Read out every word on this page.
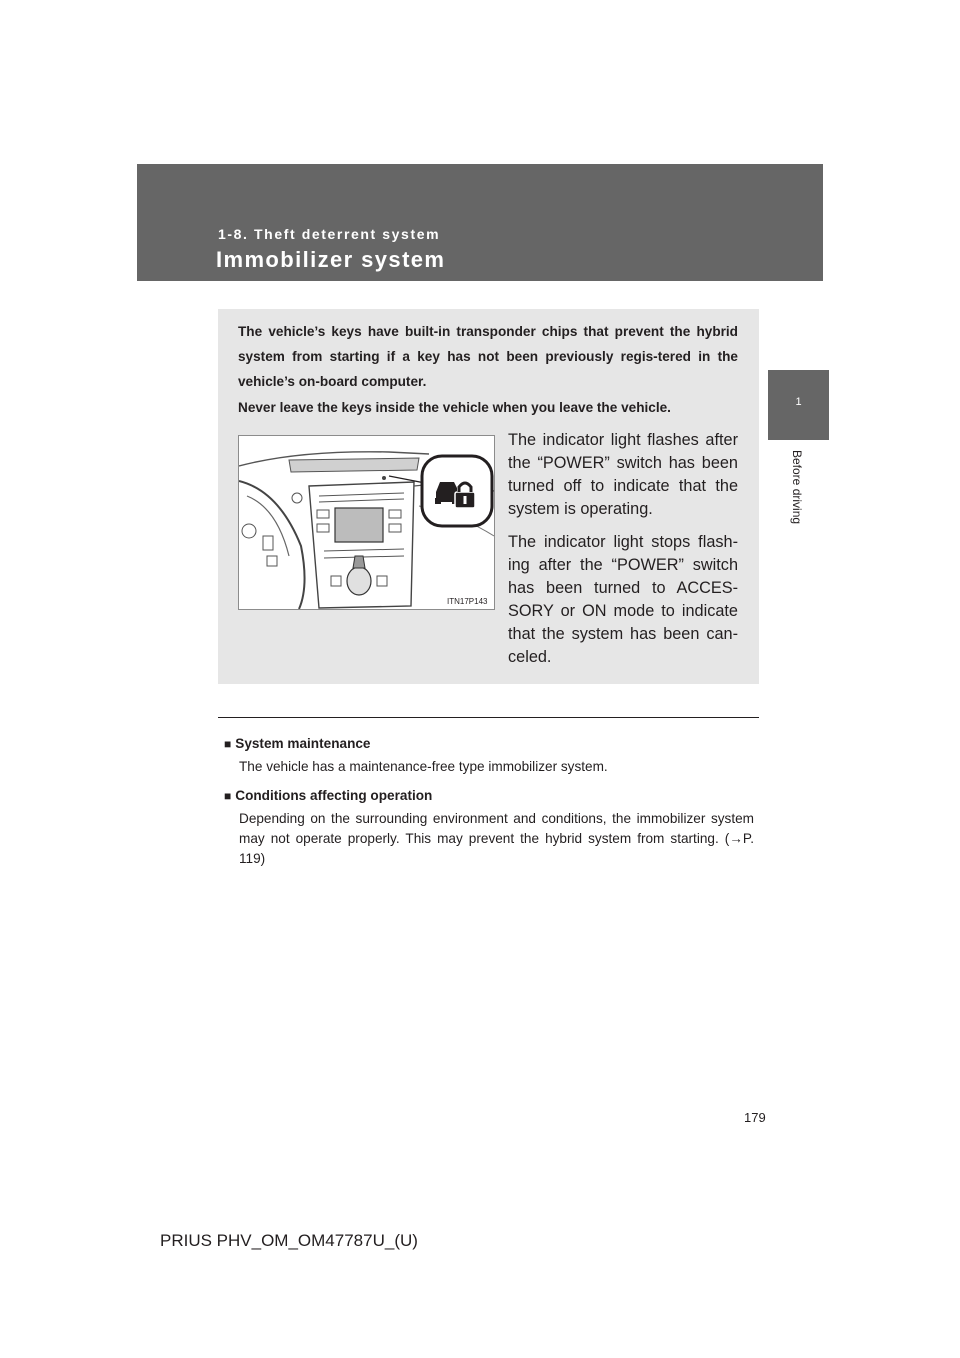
1-8. Theft deterrent system
Immobilizer system
1
Before driving

The vehicle’s keys have built-in transponder chips that prevent the hybrid system from starting if a key has not been previously regis-tered in the vehicle’s on-board computer.

Never leave the keys inside the vehicle when you leave the vehicle.

ITN17P143

The indicator light flashes after the “POWER” switch has been turned off to indicate that the system is operating.

The indicator light stops flash-ing after the “POWER” switch has been turned to ACCES-SORY or ON mode to indicate that the system has been can-celed.

■ System maintenance

The vehicle has a maintenance-free type immobilizer system.

■ Conditions affecting operation

Depending on the surrounding environment and conditions, the immobilizer system may not operate properly. This may prevent the hybrid system from starting. (→P. 119)

179
PRIUS PHV_OM_OM47787U_(U)
